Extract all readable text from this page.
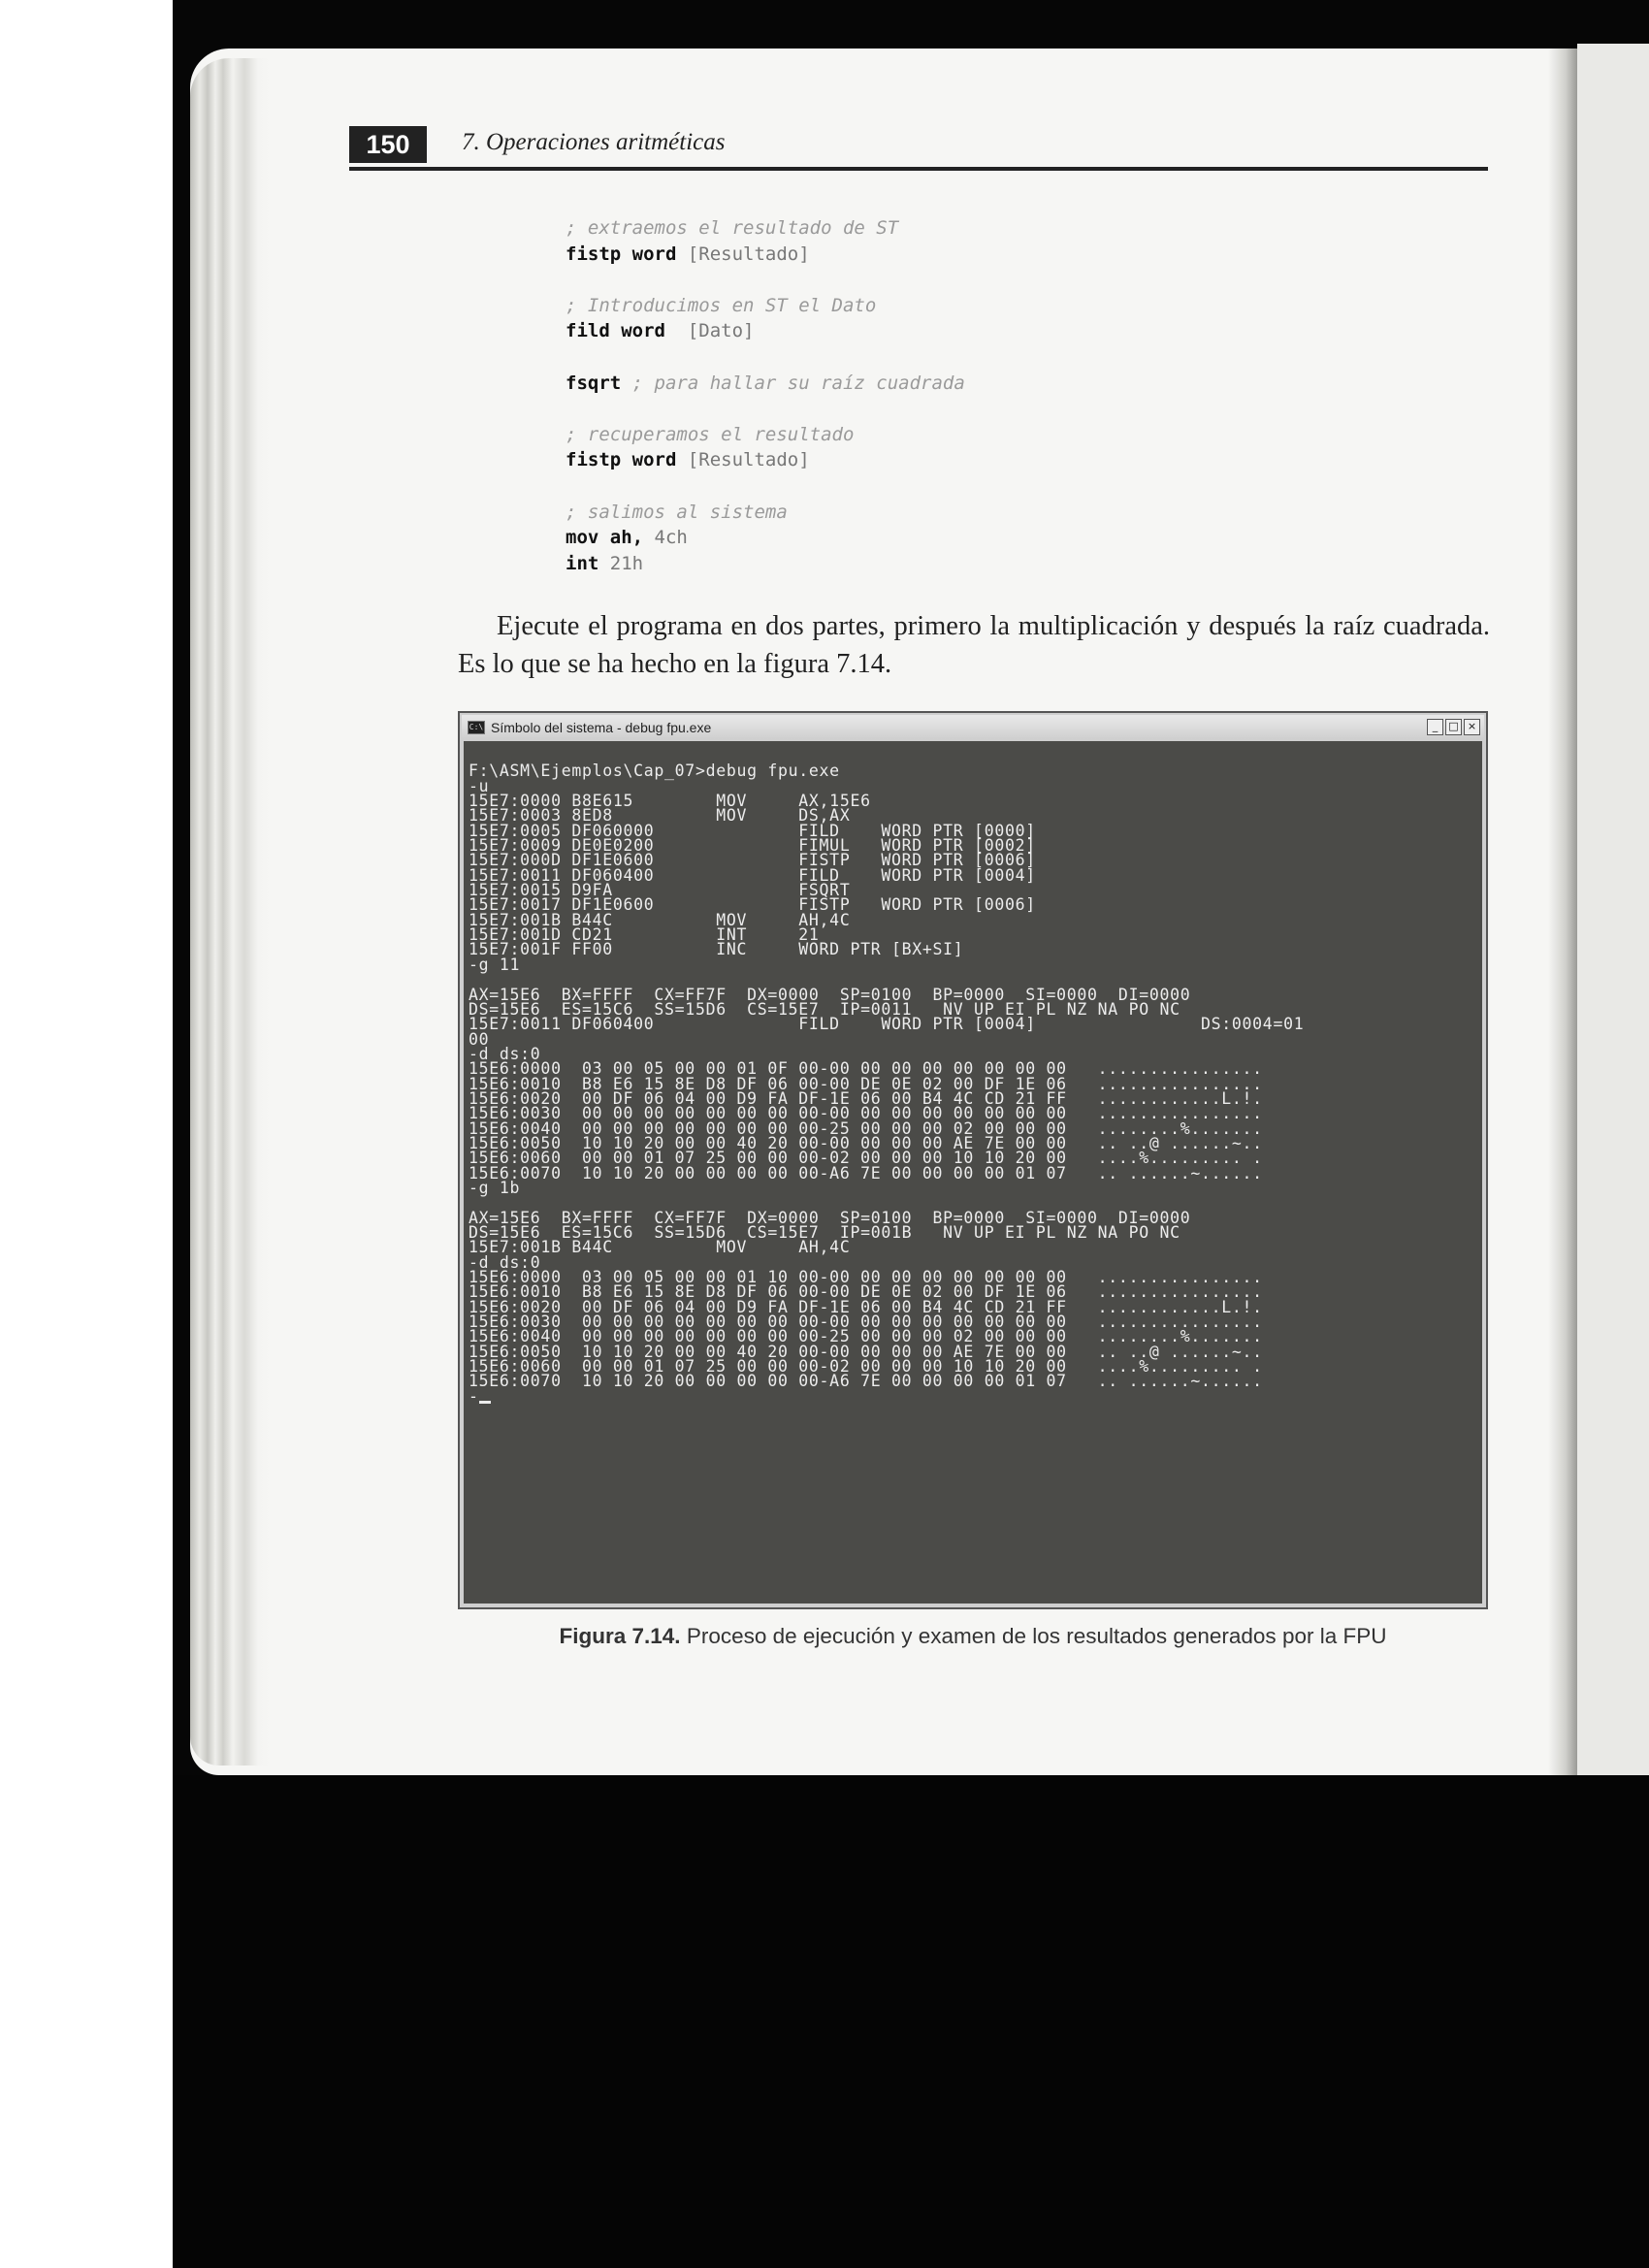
150	7. Operaciones aritméticas
; extraemos el resultado de ST
fistp word [Resultado]
; Introducimos en ST el Dato
fild word  [Dato]
fsqrt ; para hallar su raíz cuadrada
; recuperamos el resultado
fistp word [Resultado]
; salimos al sistema
mov ah, 4ch
int 21h
Ejecute el programa en dos partes, primero la multiplicación y después la raíz cuadrada. Es lo que se ha hecho en la figura 7.14.
C:\ Símbolo del sistema - debug fpu.exe	_	□ ×
F:\ASM\Ejemplos\Cap_07>debug fpu.exe
-u
15E7:0000 B8E615        MOV     AX,15E6
15E7:0003 8ED8          MOV     DS,AX
15E7:0005 DF060000              FILD    WORD PTR [0000]
15E7:0009 DE0E0200              FIMUL   WORD PTR [0002]
15E7:000D DF1E0600              FISTP   WORD PTR [0006]
15E7:0011 DF060400              FILD    WORD PTR [0004]
15E7:0015 D9FA                  FSQRT
15E7:0017 DF1E0600              FISTP   WORD PTR [0006]
15E7:001B B44C          MOV     AH,4C
15E7:001D CD21          INT     21
15E7:001F FF00          INC     WORD PTR [BX+SI]
-g 11
AX=15E6  BX=FFFF  CX=FF7F  DX=0000  SP=0100  BP=0000  SI=0000  DI=0000
DS=15E6  ES=15C6  SS=15D6  CS=15E7  IP=0011   NV UP EI PL NZ NA PO NC
15E7:0011 DF060400              FILD    WORD PTR [0004]                DS:0004=01
00
-d ds:0
15E6:0000  03 00 05 00 00 01 0F 00-00 00 00 00 00 00 00 00   ................
15E6:0010  B8 E6 15 8E D8 DF 06 00-00 DE 0E 02 00 DF 1E 06   ................
15E6:0020  00 DF 06 04 00 D9 FA DF-1E 06 00 B4 4C CD 21 FF   ............L.!.
15E6:0030  00 00 00 00 00 00 00 00-00 00 00 00 00 00 00 00   ................
15E6:0040  00 00 00 00 00 00 00 00-25 00 00 00 02 00 00 00   ........%.......
15E6:0050  10 10 20 00 00 40 20 00-00 00 00 00 AE 7E 00 00   .. ..@ ......~..
15E6:0060  00 00 01 07 25 00 00 00-02 00 00 00 10 10 20 00   ....%......... .
15E6:0070  10 10 20 00 00 00 00 00-A6 7E 00 00 00 00 01 07   .. ......~......
-g 1b
AX=15E6  BX=FFFF  CX=FF7F  DX=0000  SP=0100  BP=0000  SI=0000  DI=0000
DS=15E6  ES=15C6  SS=15D6  CS=15E7  IP=001B   NV UP EI PL NZ NA PO NC
15E7:001B B44C          MOV     AH,4C
-d ds:0
15E6:0000  03 00 05 00 00 01 10 00-00 00 00 00 00 00 00 00   ................
15E6:0010  B8 E6 15 8E D8 DF 06 00-00 DE 0E 02 00 DF 1E 06   ................
15E6:0020  00 DF 06 04 00 D9 FA DF-1E 06 00 B4 4C CD 21 FF   ............L.!.
15E6:0030  00 00 00 00 00 00 00 00-00 00 00 00 00 00 00 00   ................
15E6:0040  00 00 00 00 00 00 00 00-25 00 00 00 02 00 00 00   ........%.......
15E6:0050  10 10 20 00 00 40 20 00-00 00 00 00 AE 7E 00 00   .. ..@ ......~..
15E6:0060  00 00 01 07 25 00 00 00-02 00 00 00 10 10 20 00   ....%......... .
15E6:0070  10 10 20 00 00 00 00 00-A6 7E 00 00 00 00 01 07   .. ......~......
-
Figura 7.14. Proceso de ejecución y examen de los resultados generados por la FPU
